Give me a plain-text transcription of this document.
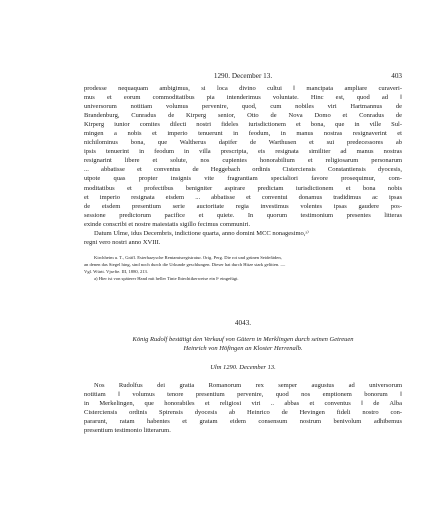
1290. December 13.	403
prodesse nequaquam ambigimus, si loca divino cultui ‖ mancipata ampliare curaveri-
mus et eorum commoditatibus pia intenderimus voluntate. Hinc est, quod ad ‖
universorum notitiam volumus pervenire, quod, cum nobiles viri Hartmannus de
Brandenburg, Cunradus de Kirperg senior, Otto de Nova Domo et Conradus de
Kirperg iunior comites dilecti nostri fideles iurisdictionem et bona, que in ville Sul-
mingen a nobis et imperio tenuerunt in feodum, in manus nostras resignaverint et
nichilominus bona, que Waltherus dapifer de Warthusen et sui predecessores ab
ipsis tenuerint in feodum in villa prescripta, eis resignata similiter ad manus nostras
resignarint libere et solute, nos cupientes honorabilium et religiosarum personarum
... abbatisse et conventus de Heggebach ordinis Cisterciensis Constantiensis dyocesis,
utpote quas propter insignis vite fragrantiam specialiori favore prosequimur, com-
moditatibus et profectibus benigniter aspirare predictam iurisdictionem et bona nobis
et imperio resignata eisdem ... abbatisse et conventui donamus tradidimus ac ipsas
de eisdem presentium serie auctoritate regia investimus volentes ipsas gaudere pos-
sessione predictorum pacifice et quiete. In quorum testimonium presentes litteras
exinde conscribi et nostre maiestatis sigillo fecimus communiri.
Datum Ulme, idus Decembris, indictione quarta, anno domini MCC nonagesimo,ᵃ⁾
regni vero nostri anno XVIII.
Kirchheim u. T., Gräfl. Esterhazysche Rentamtsregistratur. Orig. Perg. Die rot und grünen Seidefäden,
an denen das Siegel hing, sind noch durch die Urkunde geschlungen. Dieser hat durch Hitze stark gelitten. —
Vgl. Württ. Vjsefte. III, 1880, 213.
a) Hier ist von späterer Hand mit heller Tinte Ibiechtikerweise ein Iᵒ eingefügt.
4043.
König Rudolf bestätigt den Verkauf von Gütern in Merklingen durch seinen Getreuen
Heinrich von Höfingen an Kloster Herrenalb.
Ulm 1290. December 13.
Nos Rudolfus dei gratia Romanorum rex semper augustus ad universorum
notitiam ‖ volumus tenore presentium pervenire, quod nos emptionem bonorum ‖
in Merkelingen, que honorabiles et religiosi viri .. abbas et conventus ‖ de Alba
Cisterciensis ordinis Spirensis dyocesis ab Heinrico de Hevingen fideli nostro con-
pararunt, ratam habentes et gratam eidem consensum nostrum benivolum adhibemus
presentium testimonio litterarum.
